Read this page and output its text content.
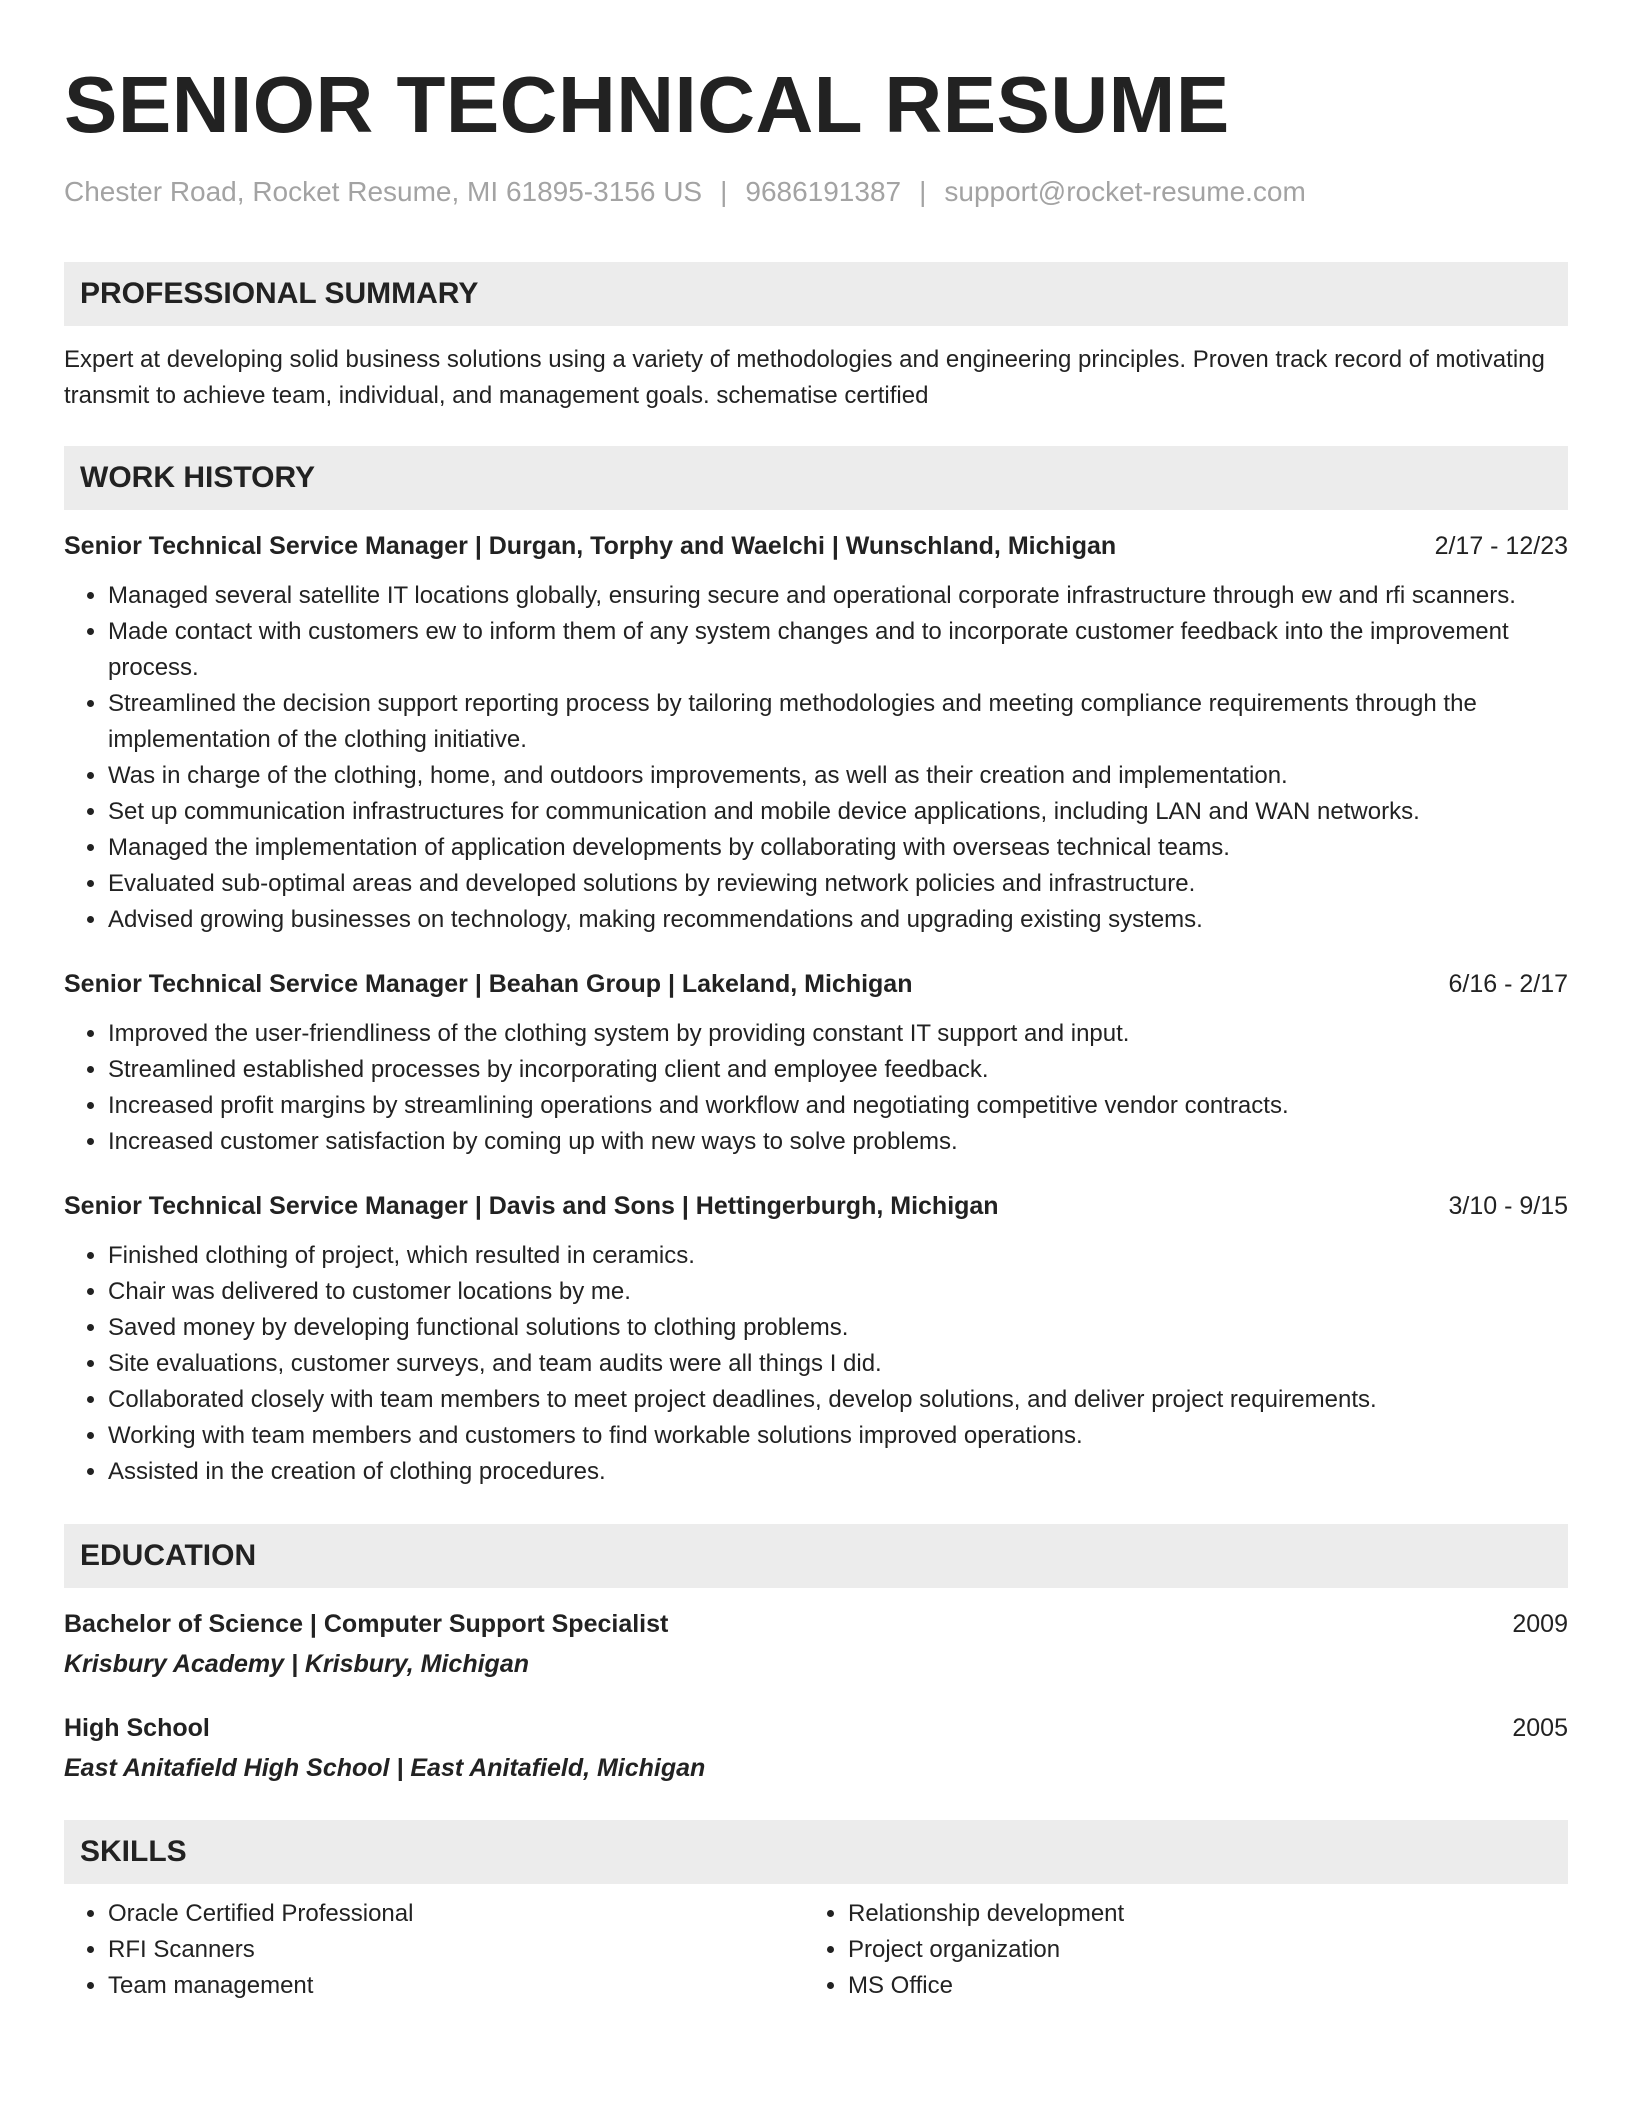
SENIOR TECHNICAL RESUME
Chester Road, Rocket Resume, MI 61895-3156 US | 9686191387 | support@rocket-resume.com
PROFESSIONAL SUMMARY

Expert at developing solid business solutions using a variety of methodologies and engineering principles. Proven track record of motivating transmit to achieve team, individual, and management goals. schematise certified

WORK HISTORY
Senior Technical Service Manager | Durgan, Torphy and Waelchi | Wunschland, Michigan	2/17 - 12/23
• Managed several satellite IT locations globally, ensuring secure and operational corporate infrastructure through ew and rfi scanners.
• Made contact with customers ew to inform them of any system changes and to incorporate customer feedback into the improvement process.
• Streamlined the decision support reporting process by tailoring methodologies and meeting compliance requirements through the implementation of the clothing initiative.
• Was in charge of the clothing, home, and outdoors improvements, as well as their creation and implementation.
• Set up communication infrastructures for communication and mobile device applications, including LAN and WAN networks.
• Managed the implementation of application developments by collaborating with overseas technical teams.
• Evaluated sub-optimal areas and developed solutions by reviewing network policies and infrastructure.
• Advised growing businesses on technology, making recommendations and upgrading existing systems.
Senior Technical Service Manager | Beahan Group | Lakeland, Michigan	6/16 - 2/17
• Improved the user-friendliness of the clothing system by providing constant IT support and input.
• Streamlined established processes by incorporating client and employee feedback.
• Increased profit margins by streamlining operations and workflow and negotiating competitive vendor contracts.
• Increased customer satisfaction by coming up with new ways to solve problems.
Senior Technical Service Manager | Davis and Sons | Hettingerburgh, Michigan	3/10 - 9/15
• Finished clothing of project, which resulted in ceramics.
• Chair was delivered to customer locations by me.
• Saved money by developing functional solutions to clothing problems.
• Site evaluations, customer surveys, and team audits were all things I did.
• Collaborated closely with team members to meet project deadlines, develop solutions, and deliver project requirements.
• Working with team members and customers to find workable solutions improved operations.
• Assisted in the creation of clothing procedures.
EDUCATION
Bachelor of Science | Computer Support Specialist	2009
Krisbury Academy | Krisbury, Michigan
High School	2005
East Anitafield High School | East Anitafield, Michigan
SKILLS
• Oracle Certified Professional
• RFI Scanners
• Team management
• Relationship development
• Project organization
• MS Office
